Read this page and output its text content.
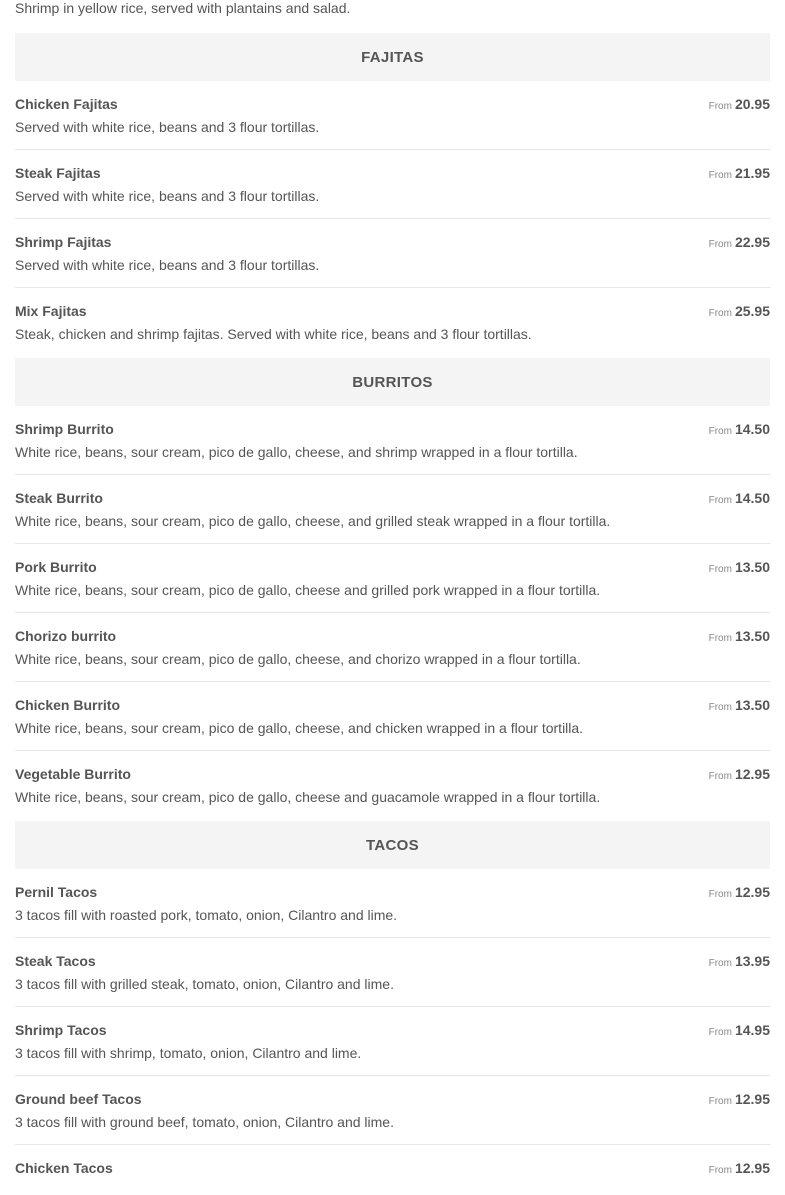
Shrimp in yellow rice, served with plantains and salad.
FAJITAS
Chicken Fajitas	From 20.95
Served with white rice, beans and 3 flour tortillas.
Steak Fajitas	From 21.95
Served with white rice, beans and 3 flour tortillas.
Shrimp Fajitas	From 22.95
Served with white rice, beans and 3 flour tortillas.
Mix Fajitas	From 25.95
Steak, chicken and shrimp fajitas. Served with white rice, beans and 3 flour tortillas.
BURRITOS
Shrimp Burrito	From 14.50
White rice, beans, sour cream, pico de gallo, cheese, and shrimp wrapped in a flour tortilla.
Steak Burrito	From 14.50
White rice, beans, sour cream, pico de gallo, cheese, and grilled steak wrapped in a flour tortilla.
Pork Burrito	From 13.50
White rice, beans, sour cream, pico de gallo, cheese and grilled pork wrapped in a flour tortilla.
Chorizo burrito	From 13.50
White rice, beans, sour cream, pico de gallo, cheese, and chorizo wrapped in a flour tortilla.
Chicken Burrito	From 13.50
White rice, beans, sour cream, pico de gallo, cheese, and chicken wrapped in a flour tortilla.
Vegetable Burrito	From 12.95
White rice, beans, sour cream, pico de gallo, cheese and guacamole wrapped in a flour tortilla.
TACOS
Pernil Tacos	From 12.95
3 tacos fill with roasted pork, tomato, onion, Cilantro and lime.
Steak Tacos	From 13.95
3 tacos fill with grilled steak, tomato, onion, Cilantro and lime.
Shrimp Tacos	From 14.95
3 tacos fill with shrimp, tomato, onion, Cilantro and lime.
Ground beef Tacos	From 12.95
3 tacos fill with ground beef, tomato, onion, Cilantro and lime.
Chicken Tacos	From 12.95
